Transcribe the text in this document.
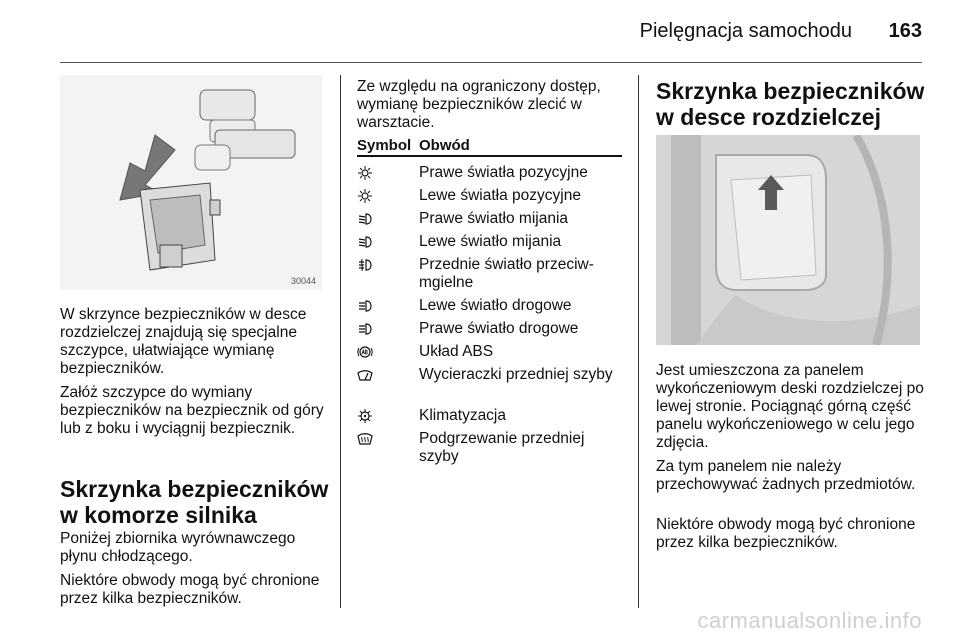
Pielęgnacja samochodu 163
30044

W skrzynce bezpieczników w desce rozdzielczej znajdują się specjalne szczypce, ułatwiające wymianę bezpieczników.

Załóż szczypce do wymiany bezpieczników na bezpiecznik od góry lub z boku i wyciągnij bezpiecznik.

Skrzynka bezpieczników w komorze silnika

Poniżej zbiornika wyrównawczego płynu chłodzącego.

Niektóre obwody mogą być chronione przez kilka bezpieczników.

Ze względu na ograniczony dostęp, wymianę bezpieczników zlecić w warsztacie.

Symbol Obwód
Prawe światła pozycyjne
Lewe światła pozycyjne
Prawe światło mijania
Lewe światło mijania
Przednie światło przeciw-mgielne
Lewe światło drogowe
Prawe światło drogowe
Układ ABS
Wycieraczki przedniej szyby
Klimatyzacja
Podgrzewanie przedniej szyby
Skrzynka bezpieczników w desce rozdzielczej

Jest umieszczona za panelem wykończeniowym deski rozdzielczej po lewej stronie. Pociągnąć górną część panelu wykończeniowego w celu jego zdjęcia.

Za tym panelem nie należy przechowywać żadnych przedmiotów.

Niektóre obwody mogą być chronione przez kilka bezpieczników.

carmanualsonline.info
